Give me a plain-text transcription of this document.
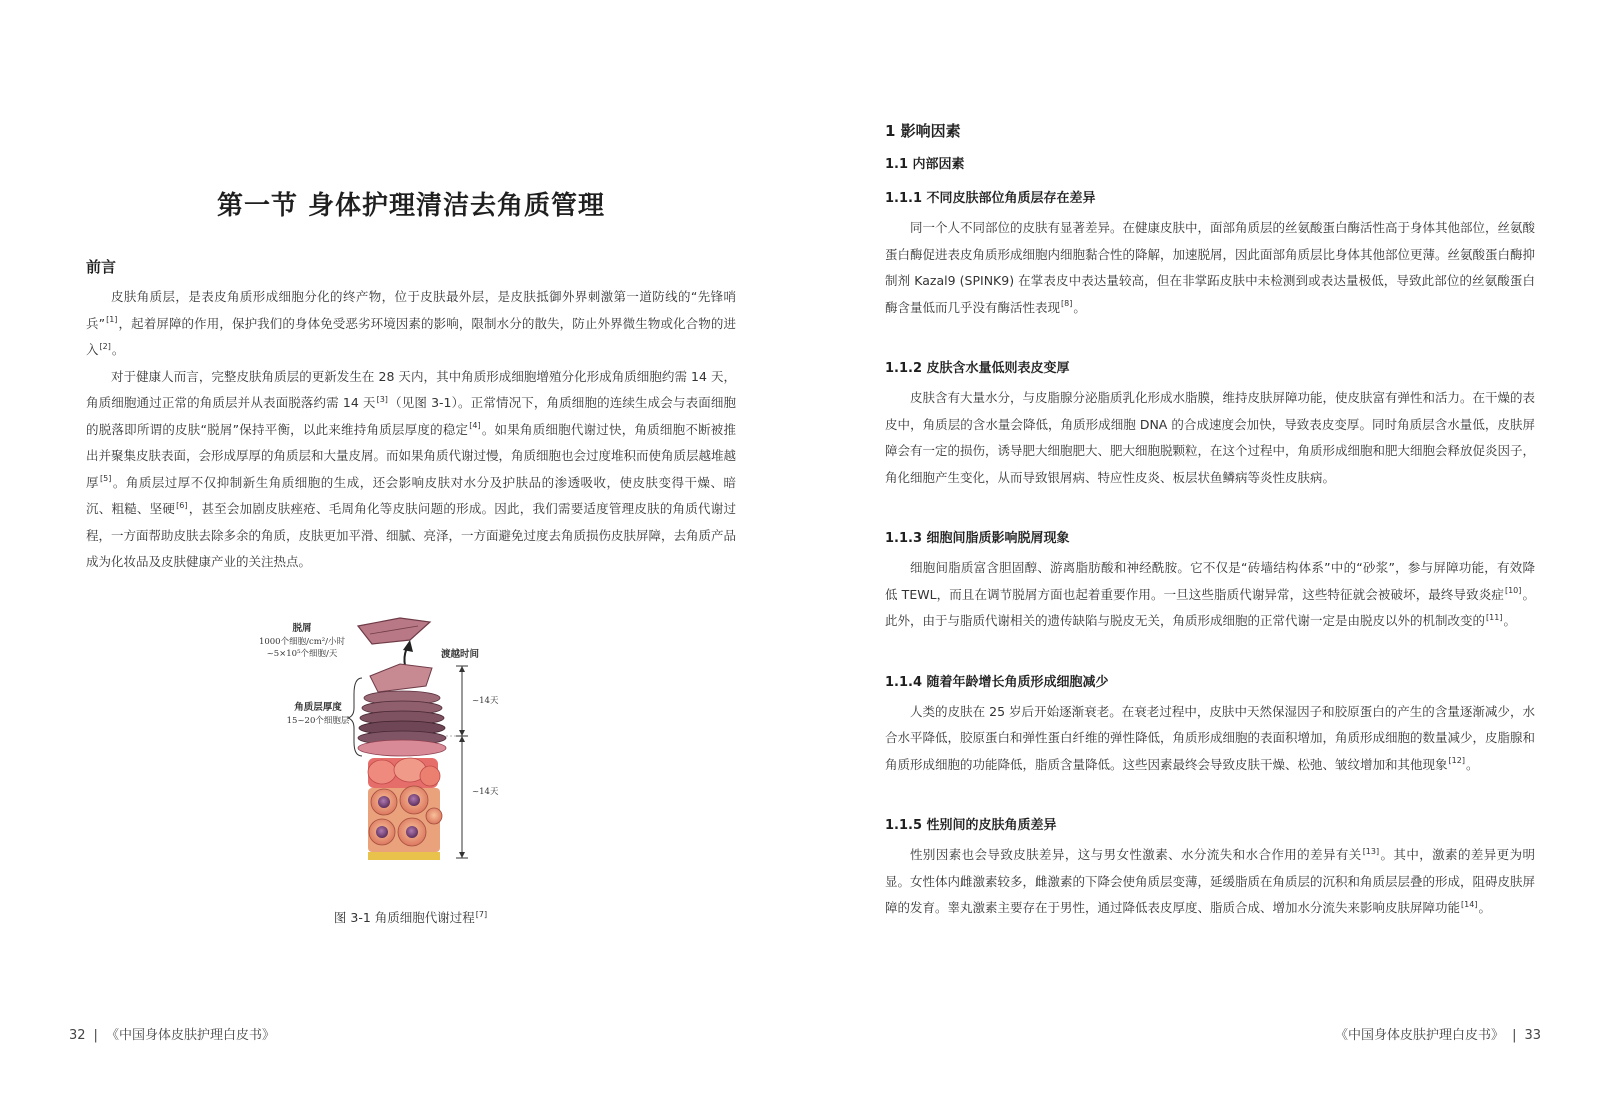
第一节 身体护理清洁去角质管理
前言

皮肤角质层，是表皮角质形成细胞分化的终产物，位于皮肤最外层，是皮肤抵御外界刺激第一道防线的“先锋哨兵”[1]，起着屏障的作用，保护我们的身体免受恶劣环境因素的影响，限制水分的散失，防止外界微生物或化合物的进入[2]。

对于健康人而言，完整皮肤角质层的更新发生在 28 天内，其中角质形成细胞增殖分化形成角质细胞约需 14 天，角质细胞通过正常的角质层并从表面脱落约需 14 天[3]（见图 3-1）。正常情况下，角质细胞的连续生成会与表面细胞的脱落即所谓的皮肤“脱屑”保持平衡，以此来维持角质层厚度的稳定[4]。如果角质细胞代谢过快，角质细胞不断被推出并聚集皮肤表面，会形成厚厚的角质层和大量皮屑。而如果角质代谢过慢，角质细胞也会过度堆积而使角质层越堆越厚[5]。角质层过厚不仅抑制新生角质细胞的生成，还会影响皮肤对水分及护肤品的渗透吸收，使皮肤变得干燥、暗沉、粗糙、坚硬[6]，甚至会加剧皮肤痤疮、毛周角化等皮肤问题的形成。因此，我们需要适度管理皮肤的角质代谢过程，一方面帮助皮肤去除多余的角质，皮肤更加平滑、细腻、亮泽，一方面避免过度去角质损伤皮肤屏障，去角质产品成为化妆品及皮肤健康产业的关注热点。

脱屑
1000个细胞/cm²/小时
~5×10⁵个细胞/天	渡越时间
角质层厚度
15~20个细胞层
~14天
~14天
图 3-1 角质细胞代谢过程[7]
32 | 《中国身体皮肤护理白皮书》
1 影响因素
1.1 内部因素
1.1.1 不同皮肤部位角质层存在差异

同一个人不同部位的皮肤有显著差异。在健康皮肤中，面部角质层的丝氨酸蛋白酶活性高于身体其他部位，丝氨酸蛋白酶促进表皮角质形成细胞内细胞黏合性的降解，加速脱屑，因此面部角质层比身体其他部位更薄。丝氨酸蛋白酶抑制剂 Kazal9 (SPINK9) 在掌表皮中表达量较高，但在非掌跖皮肤中未检测到或表达量极低，导致此部位的丝氨酸蛋白酶含量低而几乎没有酶活性表现[8]。

1.1.2 皮肤含水量低则表皮变厚

皮肤含有大量水分，与皮脂腺分泌脂质乳化形成水脂膜，维持皮肤屏障功能，使皮肤富有弹性和活力。在干燥的表皮中，角质层的含水量会降低，角质形成细胞 DNA 的合成速度会加快，导致表皮变厚。同时角质层含水量低，皮肤屏障会有一定的损伤，诱导肥大细胞肥大、肥大细胞脱颗粒，在这个过程中，角质形成细胞和肥大细胞会释放促炎因子，角化细胞产生变化，从而导致银屑病、特应性皮炎、板层状鱼鳞病等炎性皮肤病。

1.1.3 细胞间脂质影响脱屑现象

细胞间脂质富含胆固醇、游离脂肪酸和神经酰胺。它不仅是“砖墙结构体系”中的“砂浆”，参与屏障功能，有效降低 TEWL，而且在调节脱屑方面也起着重要作用。一旦这些脂质代谢异常，这些特征就会被破坏，最终导致炎症[10]。此外，由于与脂质代谢相关的遗传缺陷与脱皮无关，角质形成细胞的正常代谢一定是由脱皮以外的机制改变的[11]。

1.1.4 随着年龄增长角质形成细胞减少

人类的皮肤在 25 岁后开始逐渐衰老。在衰老过程中，皮肤中天然保湿因子和胶原蛋白的产生的含量逐渐减少，水合水平降低，胶原蛋白和弹性蛋白纤维的弹性降低，角质形成细胞的表面积增加，角质形成细胞的数量减少，皮脂腺和角质形成细胞的功能降低，脂质含量降低。这些因素最终会导致皮肤干燥、松弛、皱纹增加和其他现象[12]。

1.1.5 性别间的皮肤角质差异

性别因素也会导致皮肤差异，这与男女性激素、水分流失和水合作用的差异有关[13]。其中，激素的差异更为明显。女性体内雌激素较多，雌激素的下降会使角质层变薄，延缓脂质在角质层的沉积和角质层层叠的形成，阻碍皮肤屏障的发育。睾丸激素主要存在于男性，通过降低表皮厚度、脂质合成、增加水分流失来影响皮肤屏障功能[14]。

《中国身体皮肤护理白皮书》 | 33
